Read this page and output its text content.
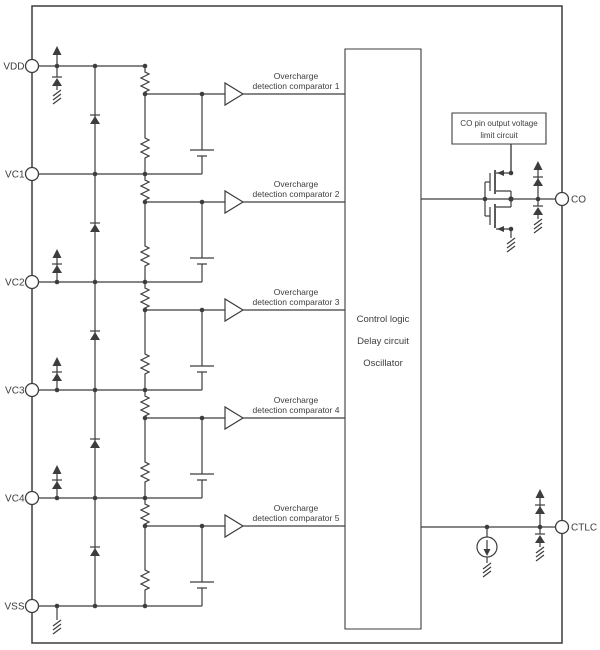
VDD
VC1
VC2
VC3
VC4
VSS
CO
CTLC
Overcharge
detection comparator 1
Overcharge
detection comparator 2
Overcharge
detection comparator 3
Overcharge
detection comparator 4
Overcharge
detection comparator 5
Control logic
Delay circuit
Oscillator
CO pin output voltage
limit circuit
